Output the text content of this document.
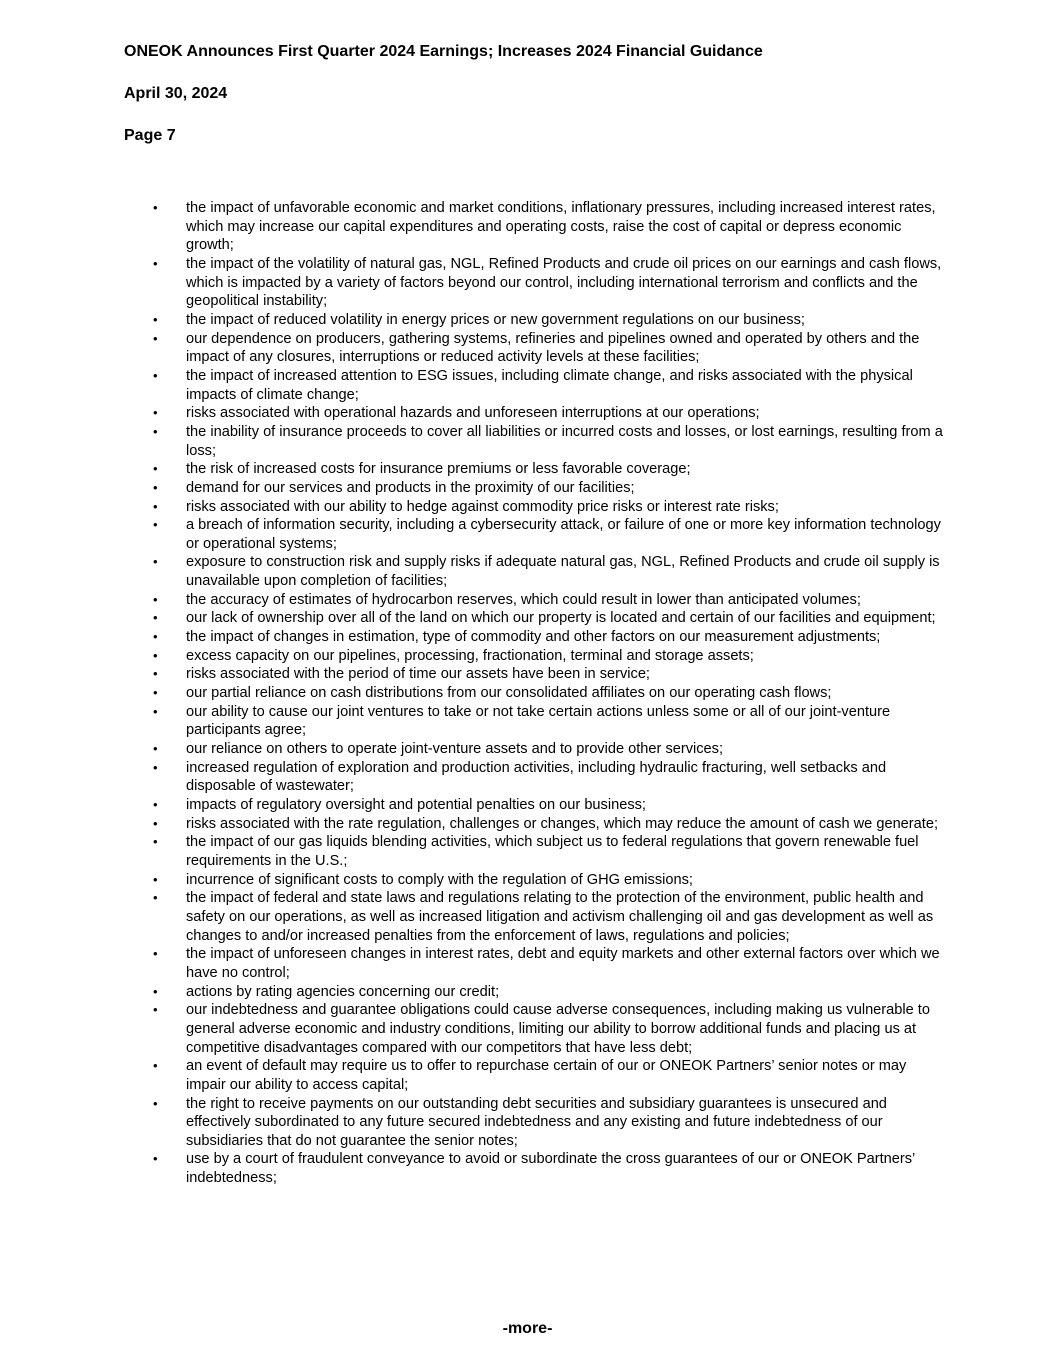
ONEOK Announces First Quarter 2024 Earnings; Increases 2024 Financial Guidance
April 30, 2024
Page 7
• the impact of unfavorable economic and market conditions, inflationary pressures, including increased interest rates, which may increase our capital expenditures and operating costs, raise the cost of capital or depress economic growth;
• the impact of the volatility of natural gas, NGL, Refined Products and crude oil prices on our earnings and cash flows, which is impacted by a variety of factors beyond our control, including international terrorism and conflicts and the geopolitical instability;
• the impact of reduced volatility in energy prices or new government regulations on our business;
• our dependence on producers, gathering systems, refineries and pipelines owned and operated by others and the impact of any closures, interruptions or reduced activity levels at these facilities;
• the impact of increased attention to ESG issues, including climate change, and risks associated with the physical impacts of climate change;
• risks associated with operational hazards and unforeseen interruptions at our operations;
• the inability of insurance proceeds to cover all liabilities or incurred costs and losses, or lost earnings, resulting from a loss;
• the risk of increased costs for insurance premiums or less favorable coverage;
• demand for our services and products in the proximity of our facilities;
• risks associated with our ability to hedge against commodity price risks or interest rate risks;
• a breach of information security, including a cybersecurity attack, or failure of one or more key information technology or operational systems;
• exposure to construction risk and supply risks if adequate natural gas, NGL, Refined Products and crude oil supply is unavailable upon completion of facilities;
• the accuracy of estimates of hydrocarbon reserves, which could result in lower than anticipated volumes;
• our lack of ownership over all of the land on which our property is located and certain of our facilities and equipment;
• the impact of changes in estimation, type of commodity and other factors on our measurement adjustments;
• excess capacity on our pipelines, processing, fractionation, terminal and storage assets;
• risks associated with the period of time our assets have been in service;
• our partial reliance on cash distributions from our consolidated affiliates on our operating cash flows;
• our ability to cause our joint ventures to take or not take certain actions unless some or all of our joint-venture participants agree;
• our reliance on others to operate joint-venture assets and to provide other services;
• increased regulation of exploration and production activities, including hydraulic fracturing, well setbacks and disposable of wastewater;
• impacts of regulatory oversight and potential penalties on our business;
• risks associated with the rate regulation, challenges or changes, which may reduce the amount of cash we generate;
• the impact of our gas liquids blending activities, which subject us to federal regulations that govern renewable fuel requirements in the U.S.;
• incurrence of significant costs to comply with the regulation of GHG emissions;
• the impact of federal and state laws and regulations relating to the protection of the environment, public health and safety on our operations, as well as increased litigation and activism challenging oil and gas development as well as changes to and/or increased penalties from the enforcement of laws, regulations and policies;
• the impact of unforeseen changes in interest rates, debt and equity markets and other external factors over which we have no control;
• actions by rating agencies concerning our credit;
• our indebtedness and guarantee obligations could cause adverse consequences, including making us vulnerable to general adverse economic and industry conditions, limiting our ability to borrow additional funds and placing us at competitive disadvantages compared with our competitors that have less debt;
• an event of default may require us to offer to repurchase certain of our or ONEOK Partners’ senior notes or may impair our ability to access capital;
• the right to receive payments on our outstanding debt securities and subsidiary guarantees is unsecured and effectively subordinated to any future secured indebtedness and any existing and future indebtedness of our subsidiaries that do not guarantee the senior notes;
• use by a court of fraudulent conveyance to avoid or subordinate the cross guarantees of our or ONEOK Partners’ indebtedness;
-more-
